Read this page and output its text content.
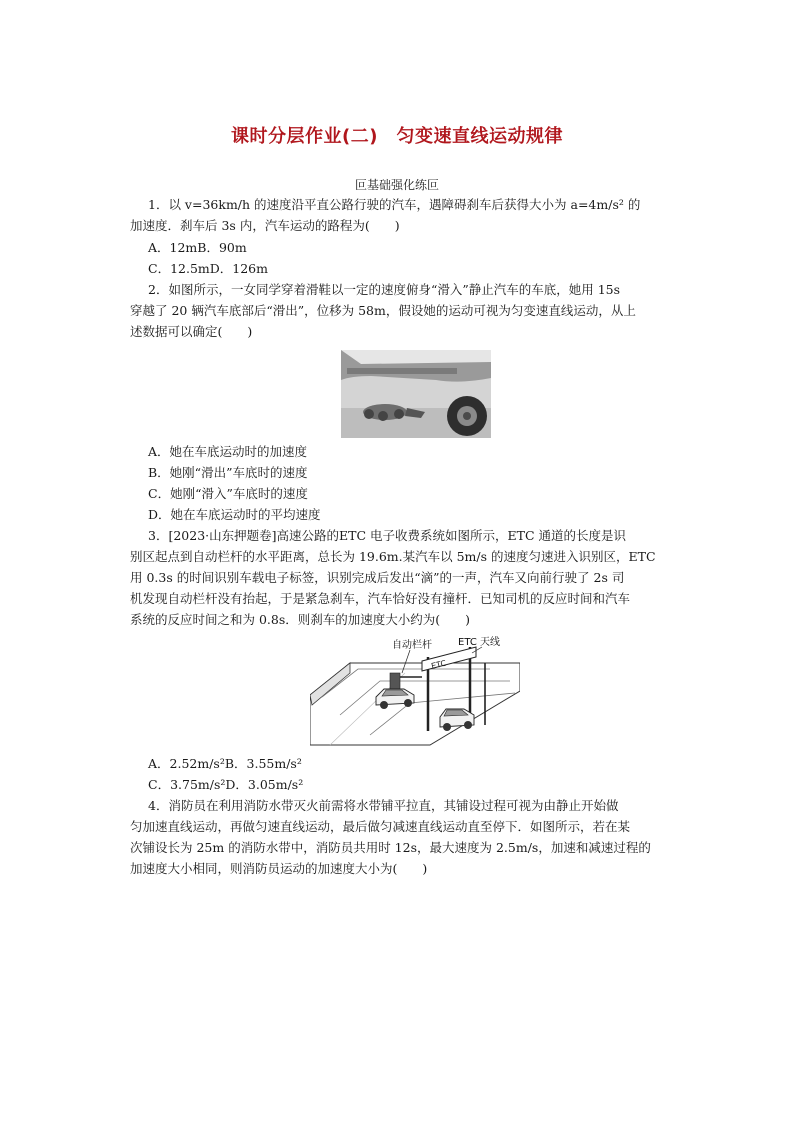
课时分层作业(二)　匀变速直线运动规律
叵基础强化练叵
1．以 v=36km/h 的速度沿平直公路行驶的汽车，遇障碍刹车后获得大小为 a=4m/s² 的
加速度．刹车后 3s 内，汽车运动的路程为(　　)
A．12mB．90m
C．12.5mD．126m
2．如图所示，一女同学穿着滑鞋以一定的速度俯身“滑入”静止汽车的车底，她用 15s
穿越了 20 辆汽车底部后“滑出”，位移为 58m，假设她的运动可视为匀变速直线运动，从上
述数据可以确定(　　)
A．她在车底运动时的加速度
B．她刚“滑出”车底时的速度
C．她刚“滑入”车底时的速度
D．她在车底运动时的平均速度
3．[2023·山东押题卷]高速公路的ETC 电子收费系统如图所示，ETC 通道的长度是识
别区起点到自动栏杆的水平距离，总长为 19.6m.某汽车以 5m/s 的速度匀速进入识别区，ETC
用 0.3s 的时间识别车载电子标签，识别完成后发出“滴”的一声，汽车又向前行驶了 2s 司
机发现自动栏杆没有抬起，于是紧急刹车，汽车恰好没有撞杆．已知司机的反应时间和汽车
系统的反应时间之和为 0.8s．则刹车的加速度大小约为(　　)
ETC
自动栏杆	ETC 天线
A．2.52m/s²B．3.55m/s²
C．3.75m/s²D．3.05m/s²
4．消防员在利用消防水带灭火前需将水带铺平拉直，其铺设过程可视为由静止开始做
匀加速直线运动，再做匀速直线运动，最后做匀减速直线运动直至停下．如图所示，若在某
次铺设长为 25m 的消防水带中，消防员共用时 12s，最大速度为 2.5m/s，加速和减速过程的
加速度大小相同，则消防员运动的加速度大小为(　　)
